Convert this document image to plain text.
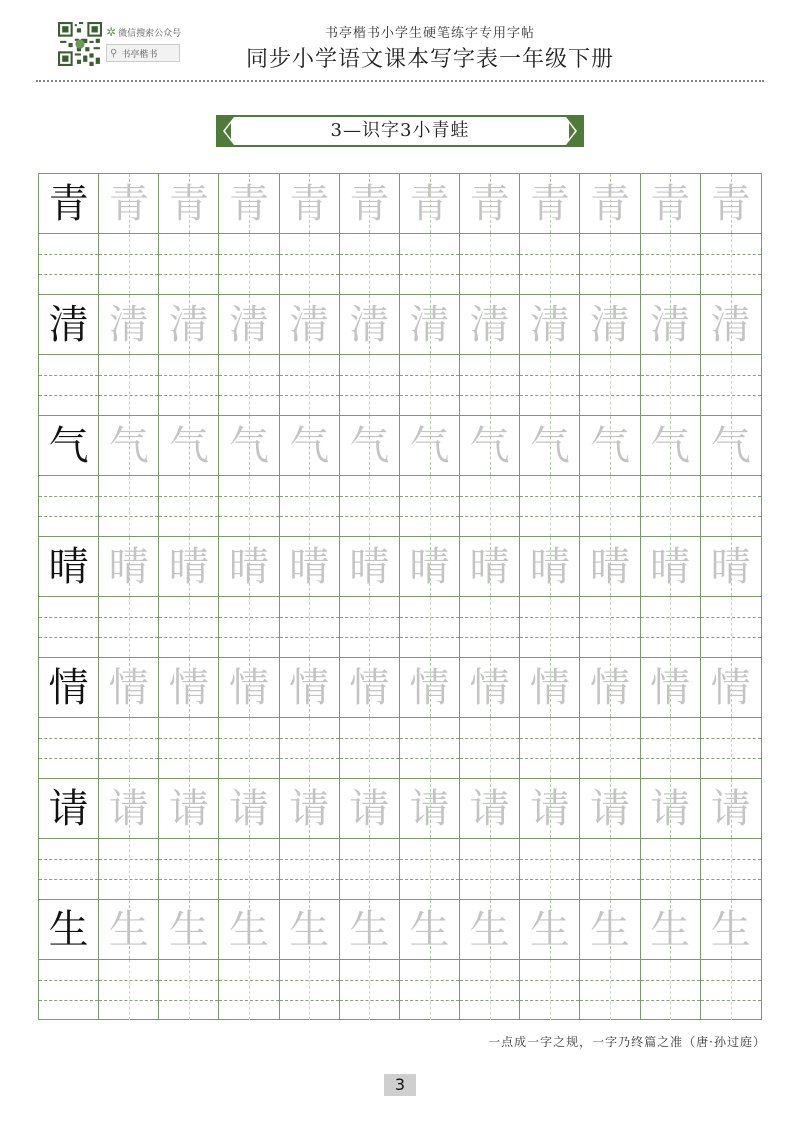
✲ 微信搜索公众号
⚲ 书亭楷书
书亭楷书小学生硬笔练字专用字帖
同步小学语文课本写字表一年级下册
3—识字3小青蛙
青 青 青 青 青 青 青 青 青 青 青 青
清 清 清 清 清 清 清 清 清 清 清 清
气 气 气 气 气 气 气 气 气 气 气 气
晴 晴 晴 晴 晴 晴 晴 晴 晴 晴 晴 晴
情 情 情 情 情 情 情 情 情 情 情 情
请 请 请 请 请 请 请 请 请 请 请 请
生 生 生 生 生 生 生 生 生 生 生 生
一点成一字之规，一字乃终篇之准（唐·孙过庭）
3
